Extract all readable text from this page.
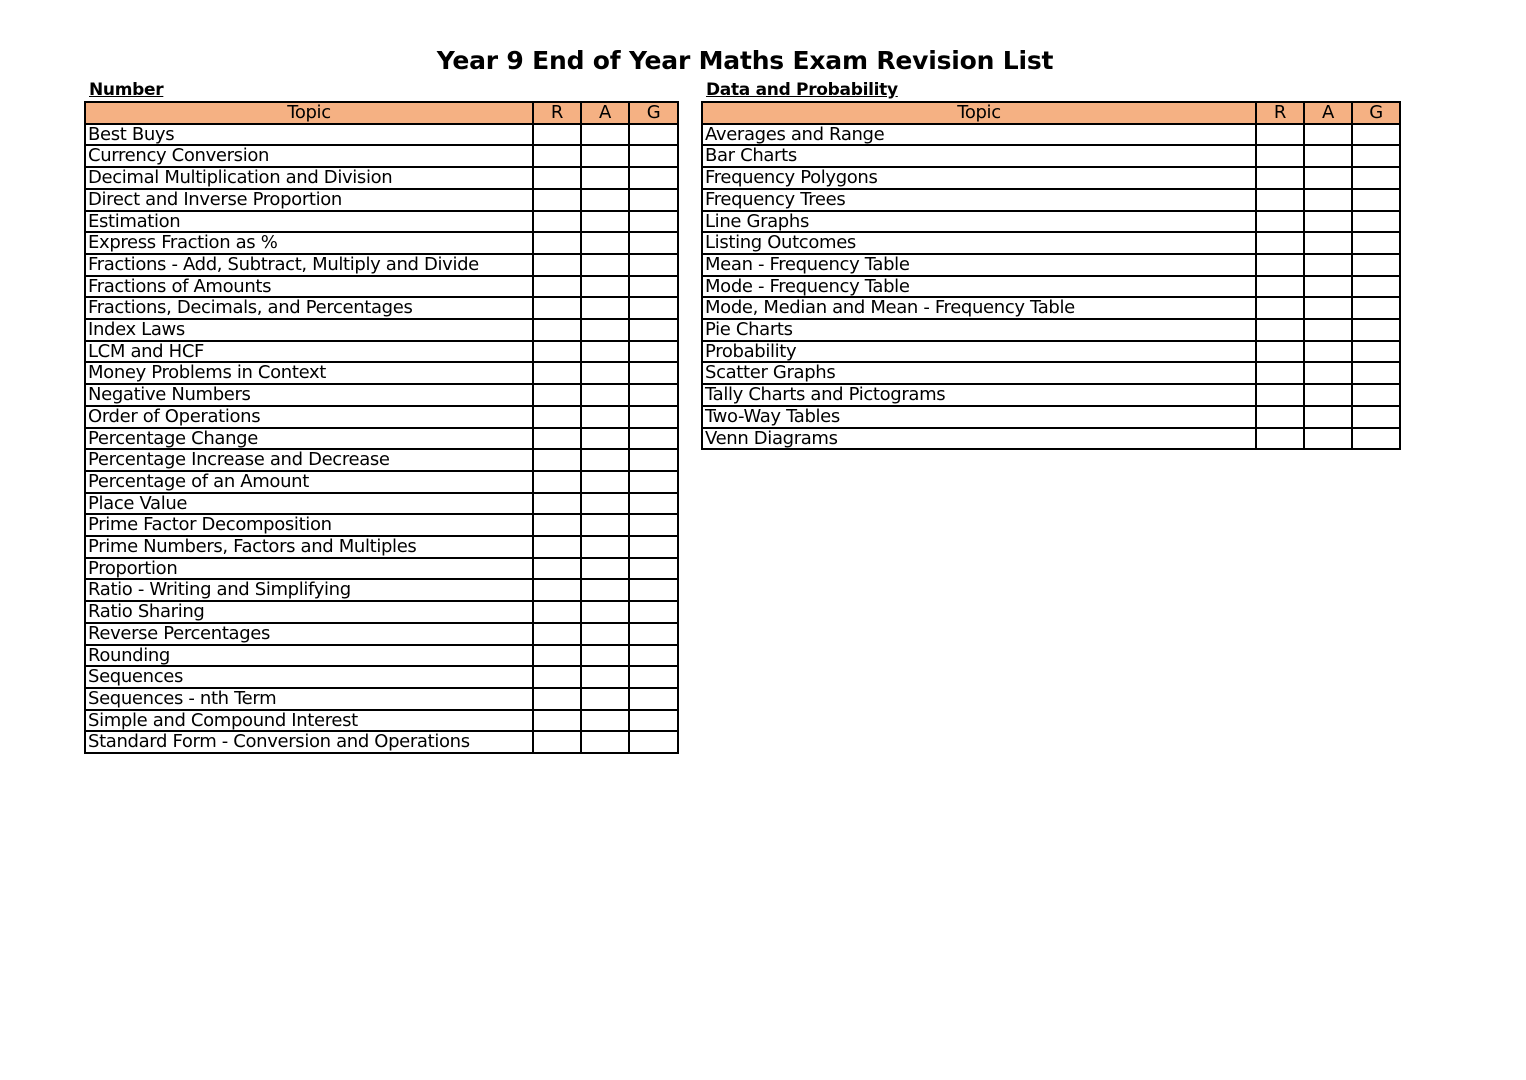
Year 9 End of Year Maths Exam Revision List
Number	Data and Probability
Topic	R	A	G
Best Buys			
Currency Conversion			
Decimal Multiplication and Division			
Direct and Inverse Proportion			
Estimation			
Express Fraction as %			
Fractions - Add, Subtract, Multiply and Divide			
Fractions of Amounts			
Fractions, Decimals, and Percentages			
Index Laws			
LCM and HCF			
Money Problems in Context			
Negative Numbers			
Order of Operations			
Percentage Change			
Percentage Increase and Decrease			
Percentage of an Amount			
Place Value			
Prime Factor Decomposition			
Prime Numbers, Factors and Multiples			
Proportion			
Ratio - Writing and Simplifying			
Ratio Sharing			
Reverse Percentages			
Rounding			
Sequences			
Sequences - nth Term			
Simple and Compound Interest			
Standard Form - Conversion and Operations			
Topic	R	A	G
Averages and Range			
Bar Charts			
Frequency Polygons			
Frequency Trees			
Line Graphs			
Listing Outcomes			
Mean - Frequency Table			
Mode - Frequency Table			
Mode, Median and Mean - Frequency Table			
Pie Charts			
Probability			
Scatter Graphs			
Tally Charts and Pictograms			
Two-Way Tables			
Venn Diagrams			
